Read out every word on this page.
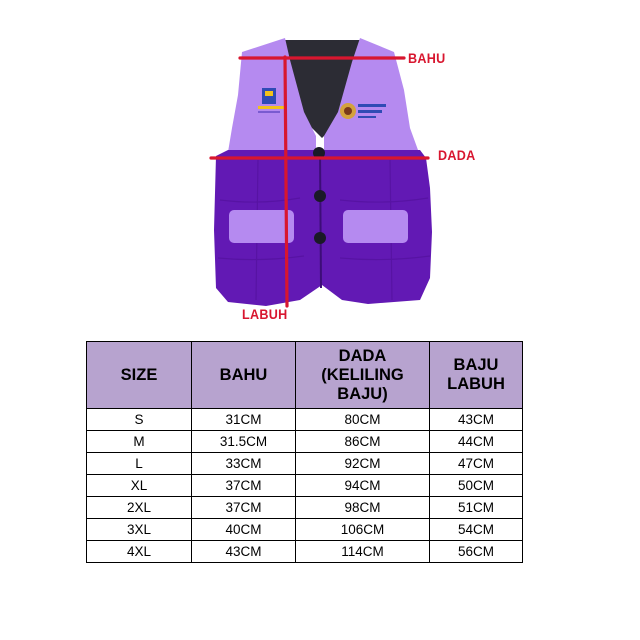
BAHU
DADA
LABUH
SIZE	BAHU	DADA (KELILING BAJU)	BAJU LABUH
S	31CM	80CM	43CM
M	31.5CM	86CM	44CM
L	33CM	92CM	47CM
XL	37CM	94CM	50CM
2XL	37CM	98CM	51CM
3XL	40CM	106CM	54CM
4XL	43CM	114CM	56CM
